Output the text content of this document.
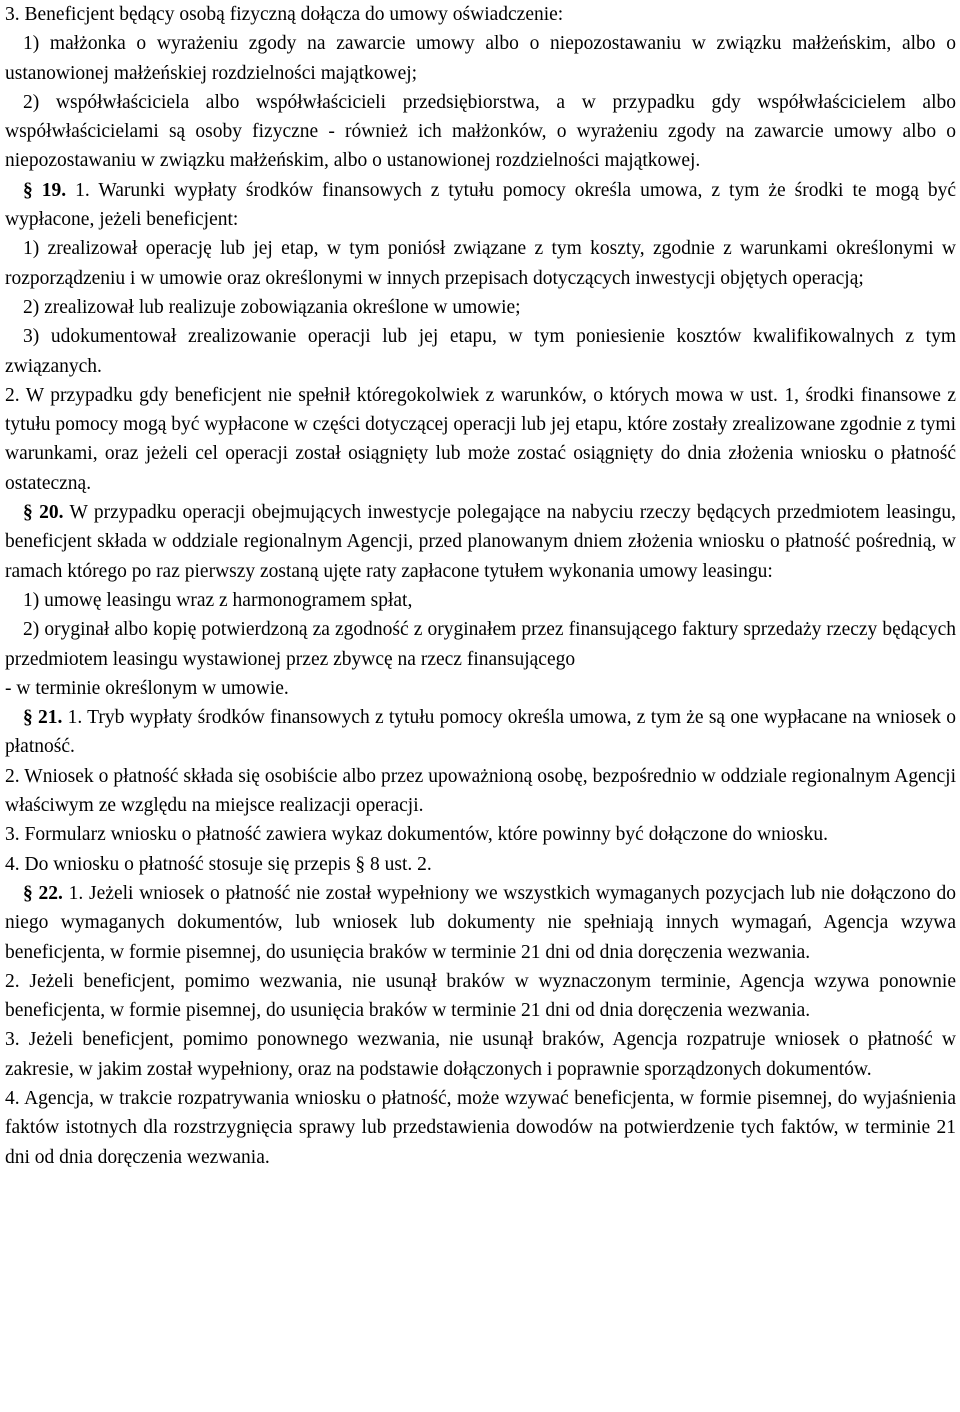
3. Beneficjent będący osobą fizyczną dołącza do umowy oświadczenie:

1) małżonka o wyrażeniu zgody na zawarcie umowy albo o niepozostawaniu w związku małżeńskim, albo o ustanowionej małżeńskiej rozdzielności majątkowej;

2) współwłaściciela albo współwłaścicieli przedsiębiorstwa, a w przypadku gdy współwłaścicielem albo współwłaścicielami są osoby fizyczne - również ich małżonków, o wyrażeniu zgody na zawarcie umowy albo o niepozostawaniu w związku małżeńskim, albo o ustanowionej rozdzielności majątkowej.

§ 19. 1. Warunki wypłaty środków finansowych z tytułu pomocy określa umowa, z tym że środki te mogą być wypłacone, jeżeli beneficjent:

1) zrealizował operację lub jej etap, w tym poniósł związane z tym koszty, zgodnie z warunkami określonymi w rozporządzeniu i w umowie oraz określonymi w innych przepisach dotyczących inwestycji objętych operacją;

2) zrealizował lub realizuje zobowiązania określone w umowie;

3) udokumentował zrealizowanie operacji lub jej etapu, w tym poniesienie kosztów kwalifikowalnych z tym związanych.

2. W przypadku gdy beneficjent nie spełnił któregokolwiek z warunków, o których mowa w ust. 1, środki finansowe z tytułu pomocy mogą być wypłacone w części dotyczącej operacji lub jej etapu, które zostały zrealizowane zgodnie z tymi warunkami, oraz jeżeli cel operacji został osiągnięty lub może zostać osiągnięty do dnia złożenia wniosku o płatność ostateczną.

§ 20. W przypadku operacji obejmujących inwestycje polegające na nabyciu rzeczy będących przedmiotem leasingu, beneficjent składa w oddziale regionalnym Agencji, przed planowanym dniem złożenia wniosku o płatność pośrednią, w ramach którego po raz pierwszy zostaną ujęte raty zapłacone tytułem wykonania umowy leasingu:

1) umowę leasingu wraz z harmonogramem spłat,

2) oryginał albo kopię potwierdzoną za zgodność z oryginałem przez finansującego faktury sprzedaży rzeczy będących przedmiotem leasingu wystawionej przez zbywcę na rzecz finansującego

- w terminie określonym w umowie.

§ 21. 1. Tryb wypłaty środków finansowych z tytułu pomocy określa umowa, z tym że są one wypłacane na wniosek o płatność.

2. Wniosek o płatność składa się osobiście albo przez upoważnioną osobę, bezpośrednio w oddziale regionalnym Agencji właściwym ze względu na miejsce realizacji operacji.

3. Formularz wniosku o płatność zawiera wykaz dokumentów, które powinny być dołączone do wniosku.

4. Do wniosku o płatność stosuje się przepis § 8 ust. 2.

§ 22. 1. Jeżeli wniosek o płatność nie został wypełniony we wszystkich wymaganych pozycjach lub nie dołączono do niego wymaganych dokumentów, lub wniosek lub dokumenty nie spełniają innych wymagań, Agencja wzywa beneficjenta, w formie pisemnej, do usunięcia braków w terminie 21 dni od dnia doręczenia wezwania.

2. Jeżeli beneficjent, pomimo wezwania, nie usunął braków w wyznaczonym terminie, Agencja wzywa ponownie beneficjenta, w formie pisemnej, do usunięcia braków w terminie 21 dni od dnia doręczenia wezwania.

3. Jeżeli beneficjent, pomimo ponownego wezwania, nie usunął braków, Agencja rozpatruje wniosek o płatność w zakresie, w jakim został wypełniony, oraz na podstawie dołączonych i poprawnie sporządzonych dokumentów.

4. Agencja, w trakcie rozpatrywania wniosku o płatność, może wzywać beneficjenta, w formie pisemnej, do wyjaśnienia faktów istotnych dla rozstrzygnięcia sprawy lub przedstawienia dowodów na potwierdzenie tych faktów, w terminie 21 dni od dnia doręczenia wezwania.
